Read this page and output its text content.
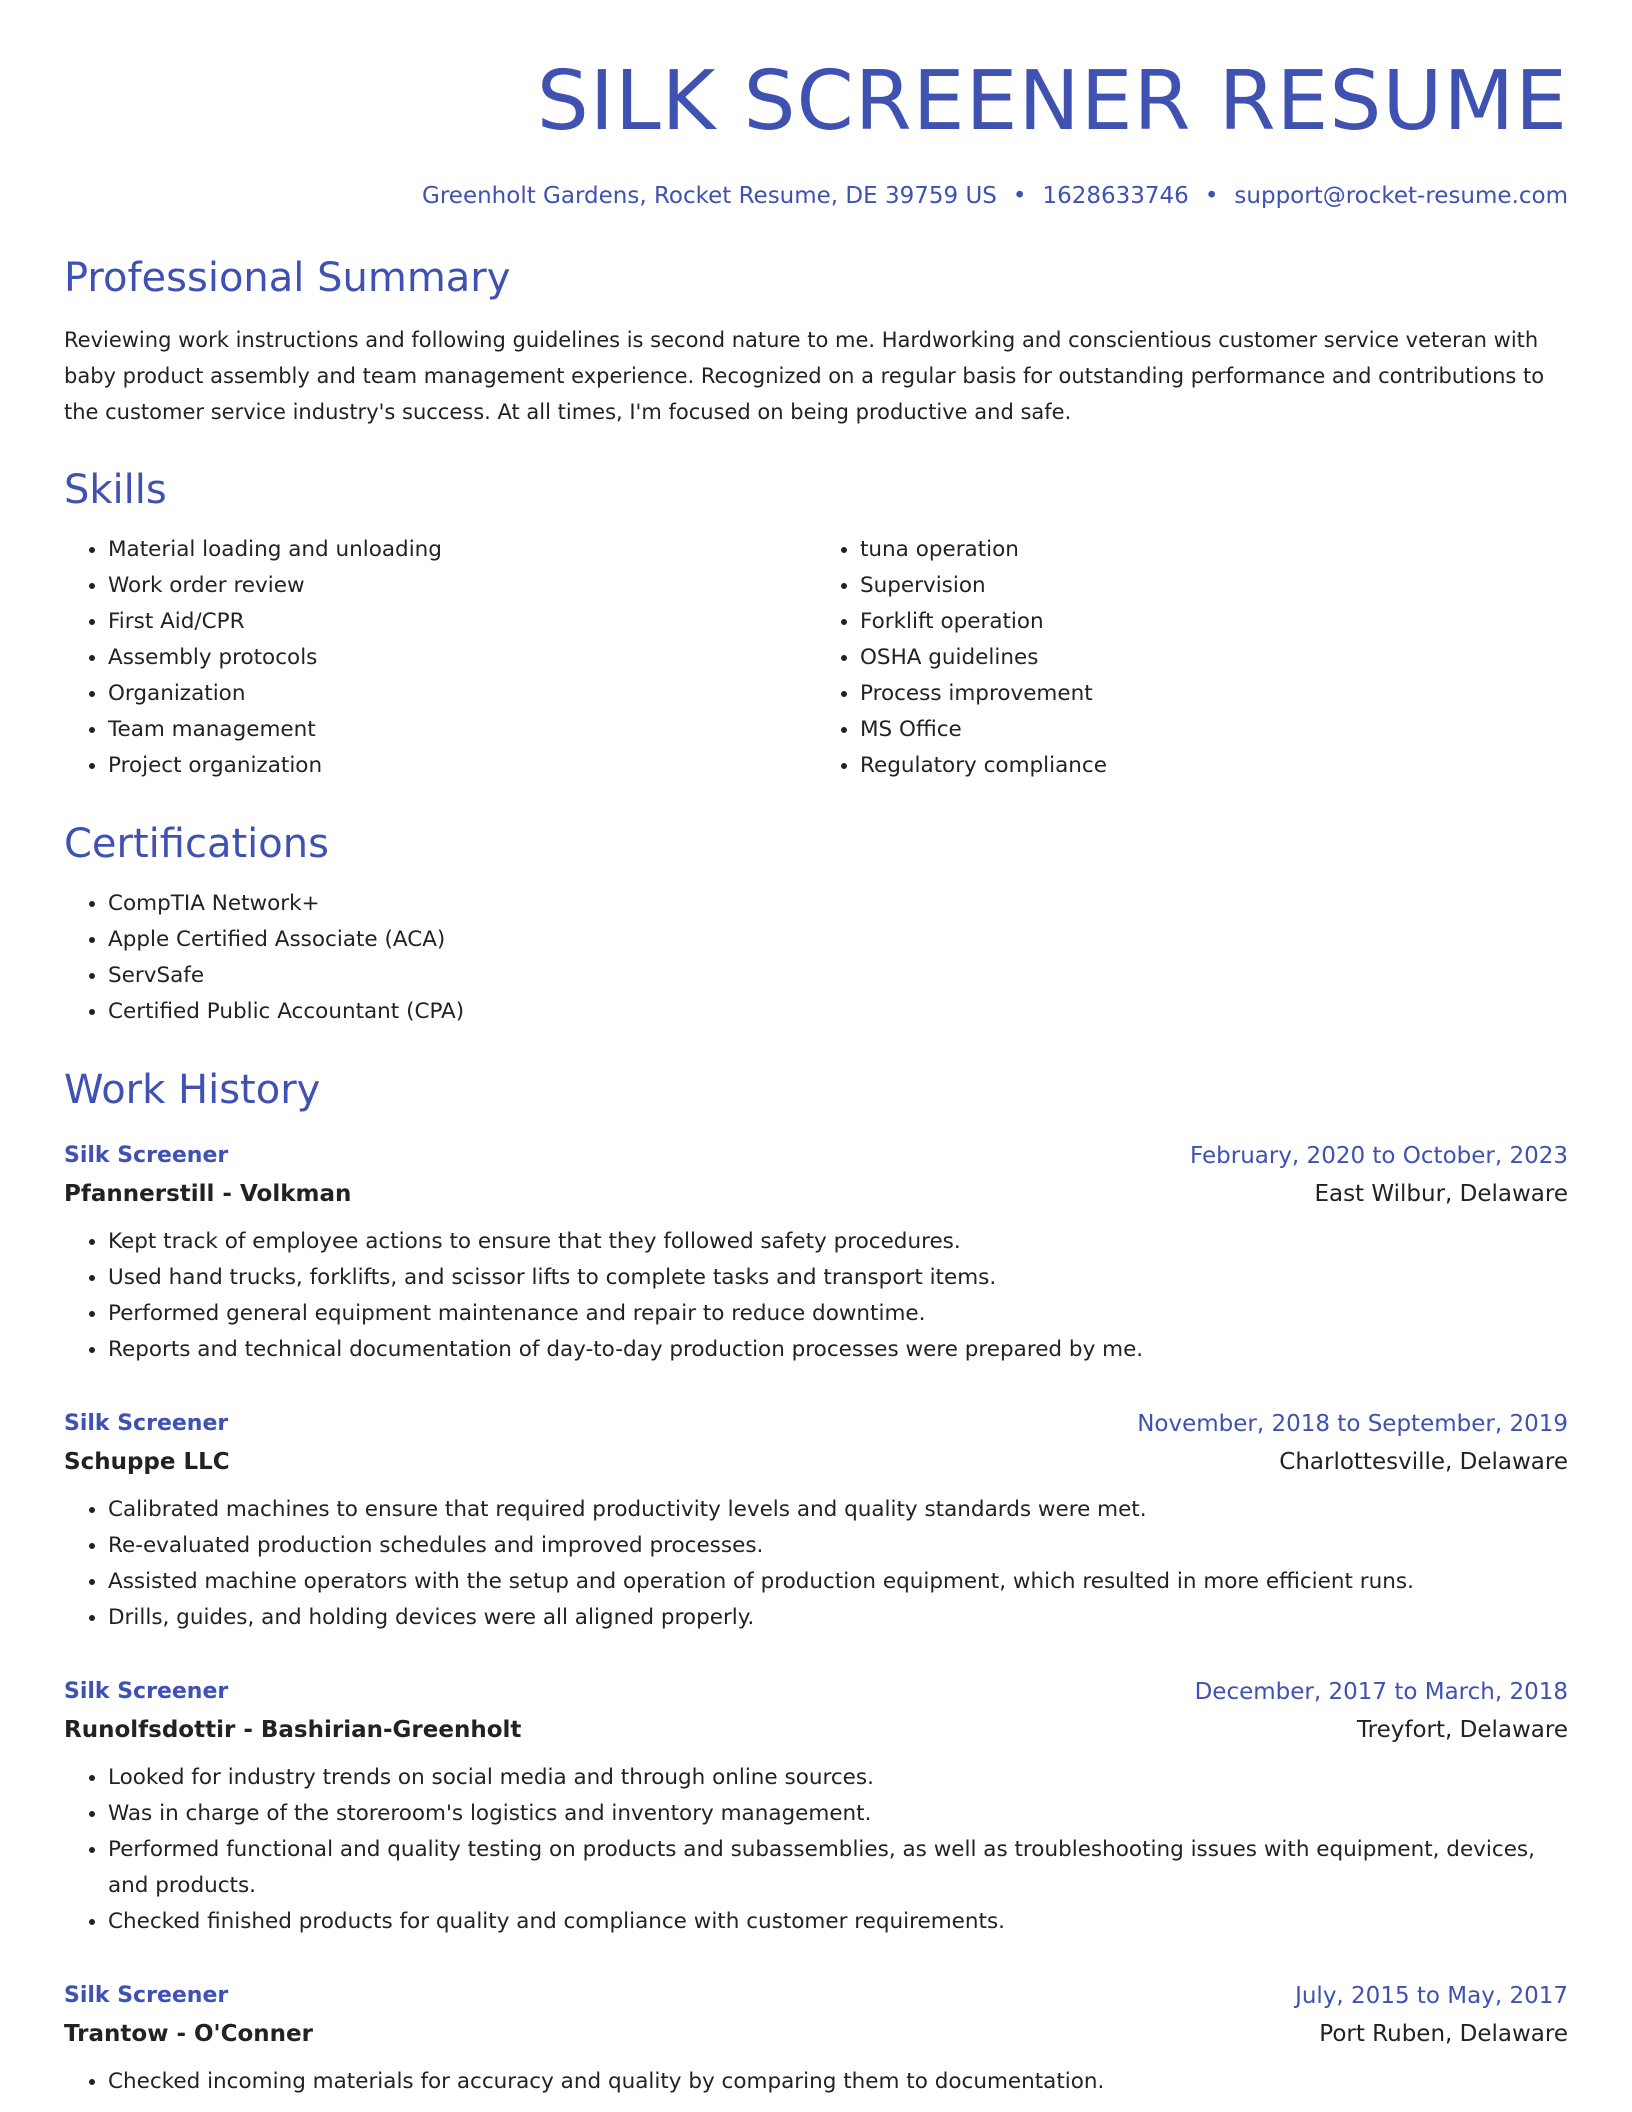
SILK SCREENER RESUME
Greenholt Gardens, Rocket Resume, DE 39759 US • 1628633746 • support@rocket-resume.com
Professional Summary

Reviewing work instructions and following guidelines is second nature to me. Hardworking and conscientious customer service veteran with baby product assembly and team management experience. Recognized on a regular basis for outstanding performance and contributions to the customer service industry's success. At all times, I'm focused on being productive and safe.

Skills
• Material loading and unloading
• Work order review
• First Aid/CPR
• Assembly protocols
• Organization
• Team management
• Project organization
• tuna operation
• Supervision
• Forklift operation
• OSHA guidelines
• Process improvement
• MS Office
• Regulatory compliance
Certifications
• CompTIA Network+
• Apple Certified Associate (ACA)
• ServSafe
• Certified Public Accountant (CPA)
Work History
Silk Screener	February, 2020 to October, 2023
Pfannerstill - Volkman	East Wilbur, Delaware
• Kept track of employee actions to ensure that they followed safety procedures.
• Used hand trucks, forklifts, and scissor lifts to complete tasks and transport items.
• Performed general equipment maintenance and repair to reduce downtime.
• Reports and technical documentation of day-to-day production processes were prepared by me.
Silk Screener	November, 2018 to September, 2019
Schuppe LLC	Charlottesville, Delaware
• Calibrated machines to ensure that required productivity levels and quality standards were met.
• Re-evaluated production schedules and improved processes.
• Assisted machine operators with the setup and operation of production equipment, which resulted in more efficient runs.
• Drills, guides, and holding devices were all aligned properly.
Silk Screener	December, 2017 to March, 2018
Runolfsdottir - Bashirian-Greenholt	Treyfort, Delaware
• Looked for industry trends on social media and through online sources.
• Was in charge of the storeroom's logistics and inventory management.
• Performed functional and quality testing on products and subassemblies, as well as troubleshooting issues with equipment, devices, and products.
• Checked finished products for quality and compliance with customer requirements.
Silk Screener	July, 2015 to May, 2017
Trantow - O'Conner	Port Ruben, Delaware
• Checked incoming materials for accuracy and quality by comparing them to documentation.
